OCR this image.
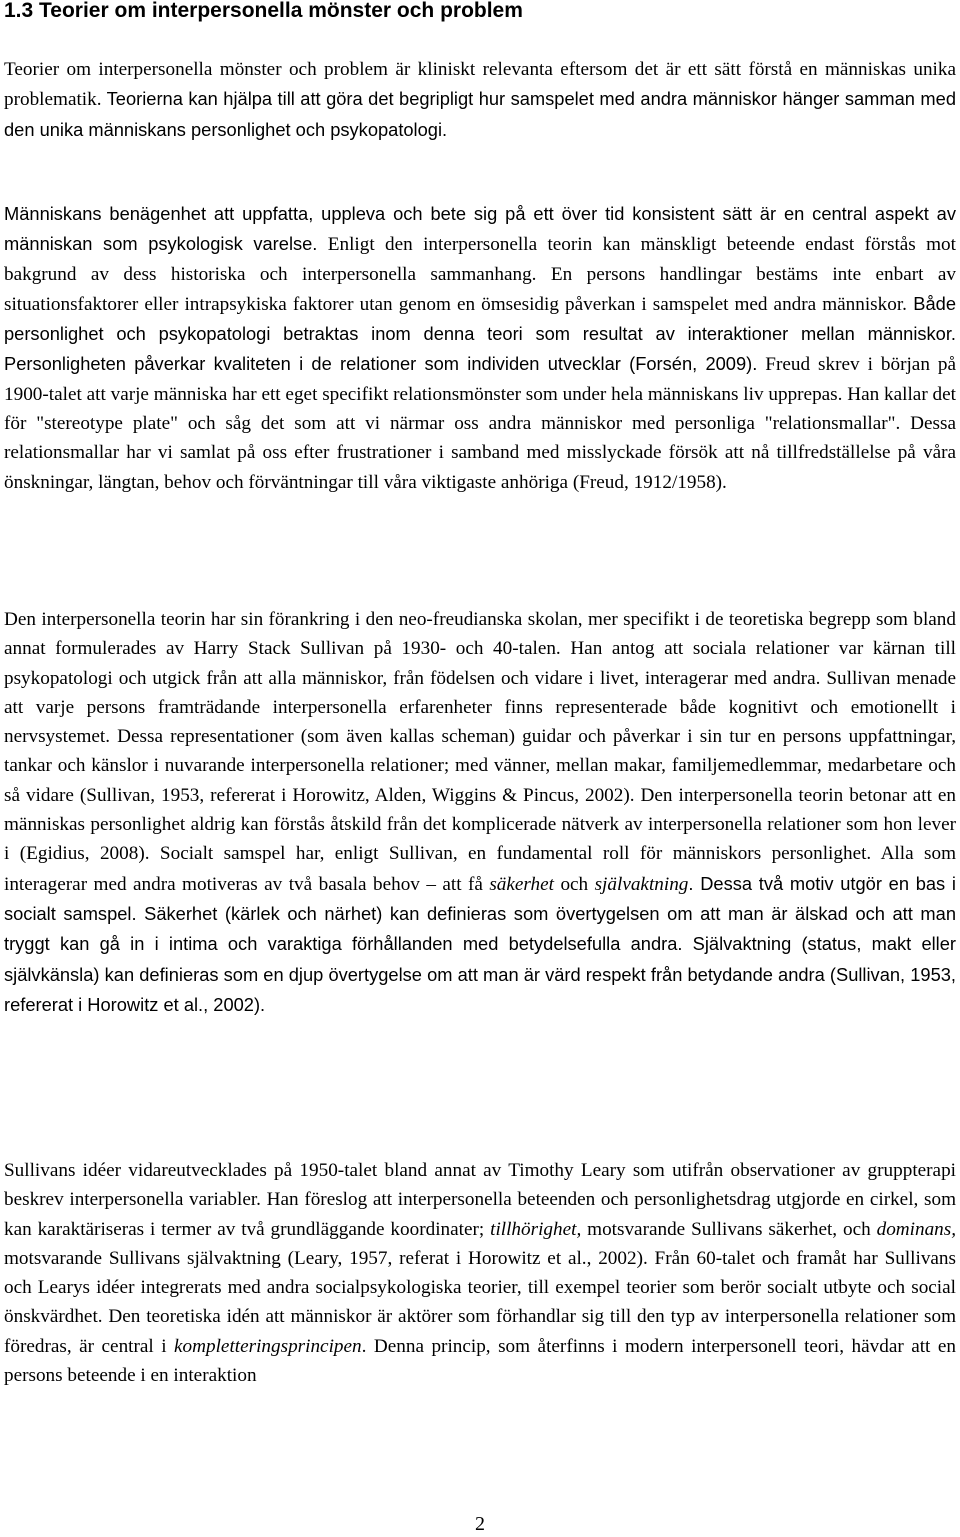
1.3 Teorier om interpersonella mönster och problem

Teorier om interpersonella mönster och problem är kliniskt relevanta eftersom det är ett sätt förstå en människas unika problematik. Teorierna kan hjälpa till att göra det begripligt hur samspelet med andra människor hänger samman med den unika människans personlighet och psykopatologi.

Människans benägenhet att uppfatta, uppleva och bete sig på ett över tid konsistent sätt är en central aspekt av människan som psykologisk varelse. Enligt den interpersonella teorin kan mänskligt beteende endast förstås mot bakgrund av dess historiska och interpersonella sammanhang. En persons handlingar bestäms inte enbart av situationsfaktorer eller intrapsykiska faktorer utan genom en ömsesidig påverkan i samspelet med andra människor. Både personlighet och psykopatologi betraktas inom denna teori som resultat av interaktioner mellan människor. Personligheten påverkar kvaliteten i de relationer som individen utvecklar (Forsén, 2009). Freud skrev i början på 1900-talet att varje människa har ett eget specifikt relationsmönster som under hela människans liv upprepas. Han kallar det för "stereotype plate" och såg det som att vi närmar oss andra människor med personliga "relationsmallar". Dessa relationsmallar har vi samlat på oss efter frustrationer i samband med misslyckade försök att nå tillfredställelse på våra önskningar, längtan, behov och förväntningar till våra viktigaste anhöriga (Freud, 1912/1958).

Den interpersonella teorin har sin förankring i den neo-freudianska skolan, mer specifikt i de teoretiska begrepp som bland annat formulerades av Harry Stack Sullivan på 1930- och 40-talen. Han antog att sociala relationer var kärnan till psykopatologi och utgick från att alla människor, från födelsen och vidare i livet, interagerar med andra. Sullivan menade att varje persons framträdande interpersonella erfarenheter finns representerade både kognitivt och emotionellt i nervsystemet. Dessa representationer (som även kallas scheman) guidar och påverkar i sin tur en persons uppfattningar, tankar och känslor i nuvarande interpersonella relationer; med vänner, mellan makar, familjemedlemmar, medarbetare och så vidare (Sullivan, 1953, refererat i Horowitz, Alden, Wiggins & Pincus, 2002). Den interpersonella teorin betonar att en människas personlighet aldrig kan förstås åtskild från det komplicerade nätverk av interpersonella relationer som hon lever i (Egidius, 2008). Socialt samspel har, enligt Sullivan, en fundamental roll för människors personlighet. Alla som interagerar med andra motiveras av två basala behov – att få säkerhet och självaktning. Dessa två motiv utgör en bas i socialt samspel. Säkerhet (kärlek och närhet) kan definieras som övertygelsen om att man är älskad och att man tryggt kan gå in i intima och varaktiga förhållanden med betydelsefulla andra. Självaktning (status, makt eller självkänsla) kan definieras som en djup övertygelse om att man är värd respekt från betydande andra (Sullivan, 1953, refererat i Horowitz et al., 2002).

Sullivans idéer vidareutvecklades på 1950-talet bland annat av Timothy Leary som utifrån observationer av gruppterapi beskrev interpersonella variabler. Han föreslog att interpersonella beteenden och personlighetsdrag utgjorde en cirkel, som kan karaktäriseras i termer av två grundläggande koordinater; tillhörighet, motsvarande Sullivans säkerhet, och dominans, motsvarande Sullivans självaktning (Leary, 1957, referat i Horowitz et al., 2002). Från 60-talet och framåt har Sullivans och Learys idéer integrerats med andra socialpsykologiska teorier, till exempel teorier som berör socialt utbyte och social önskvärdhet. Den teoretiska idén att människor är aktörer som förhandlar sig till den typ av interpersonella relationer som föredras, är central i kompletteringsprincipen. Denna princip, som återfinns i modern interpersonell teori, hävdar att en persons beteende i en interaktion

2
